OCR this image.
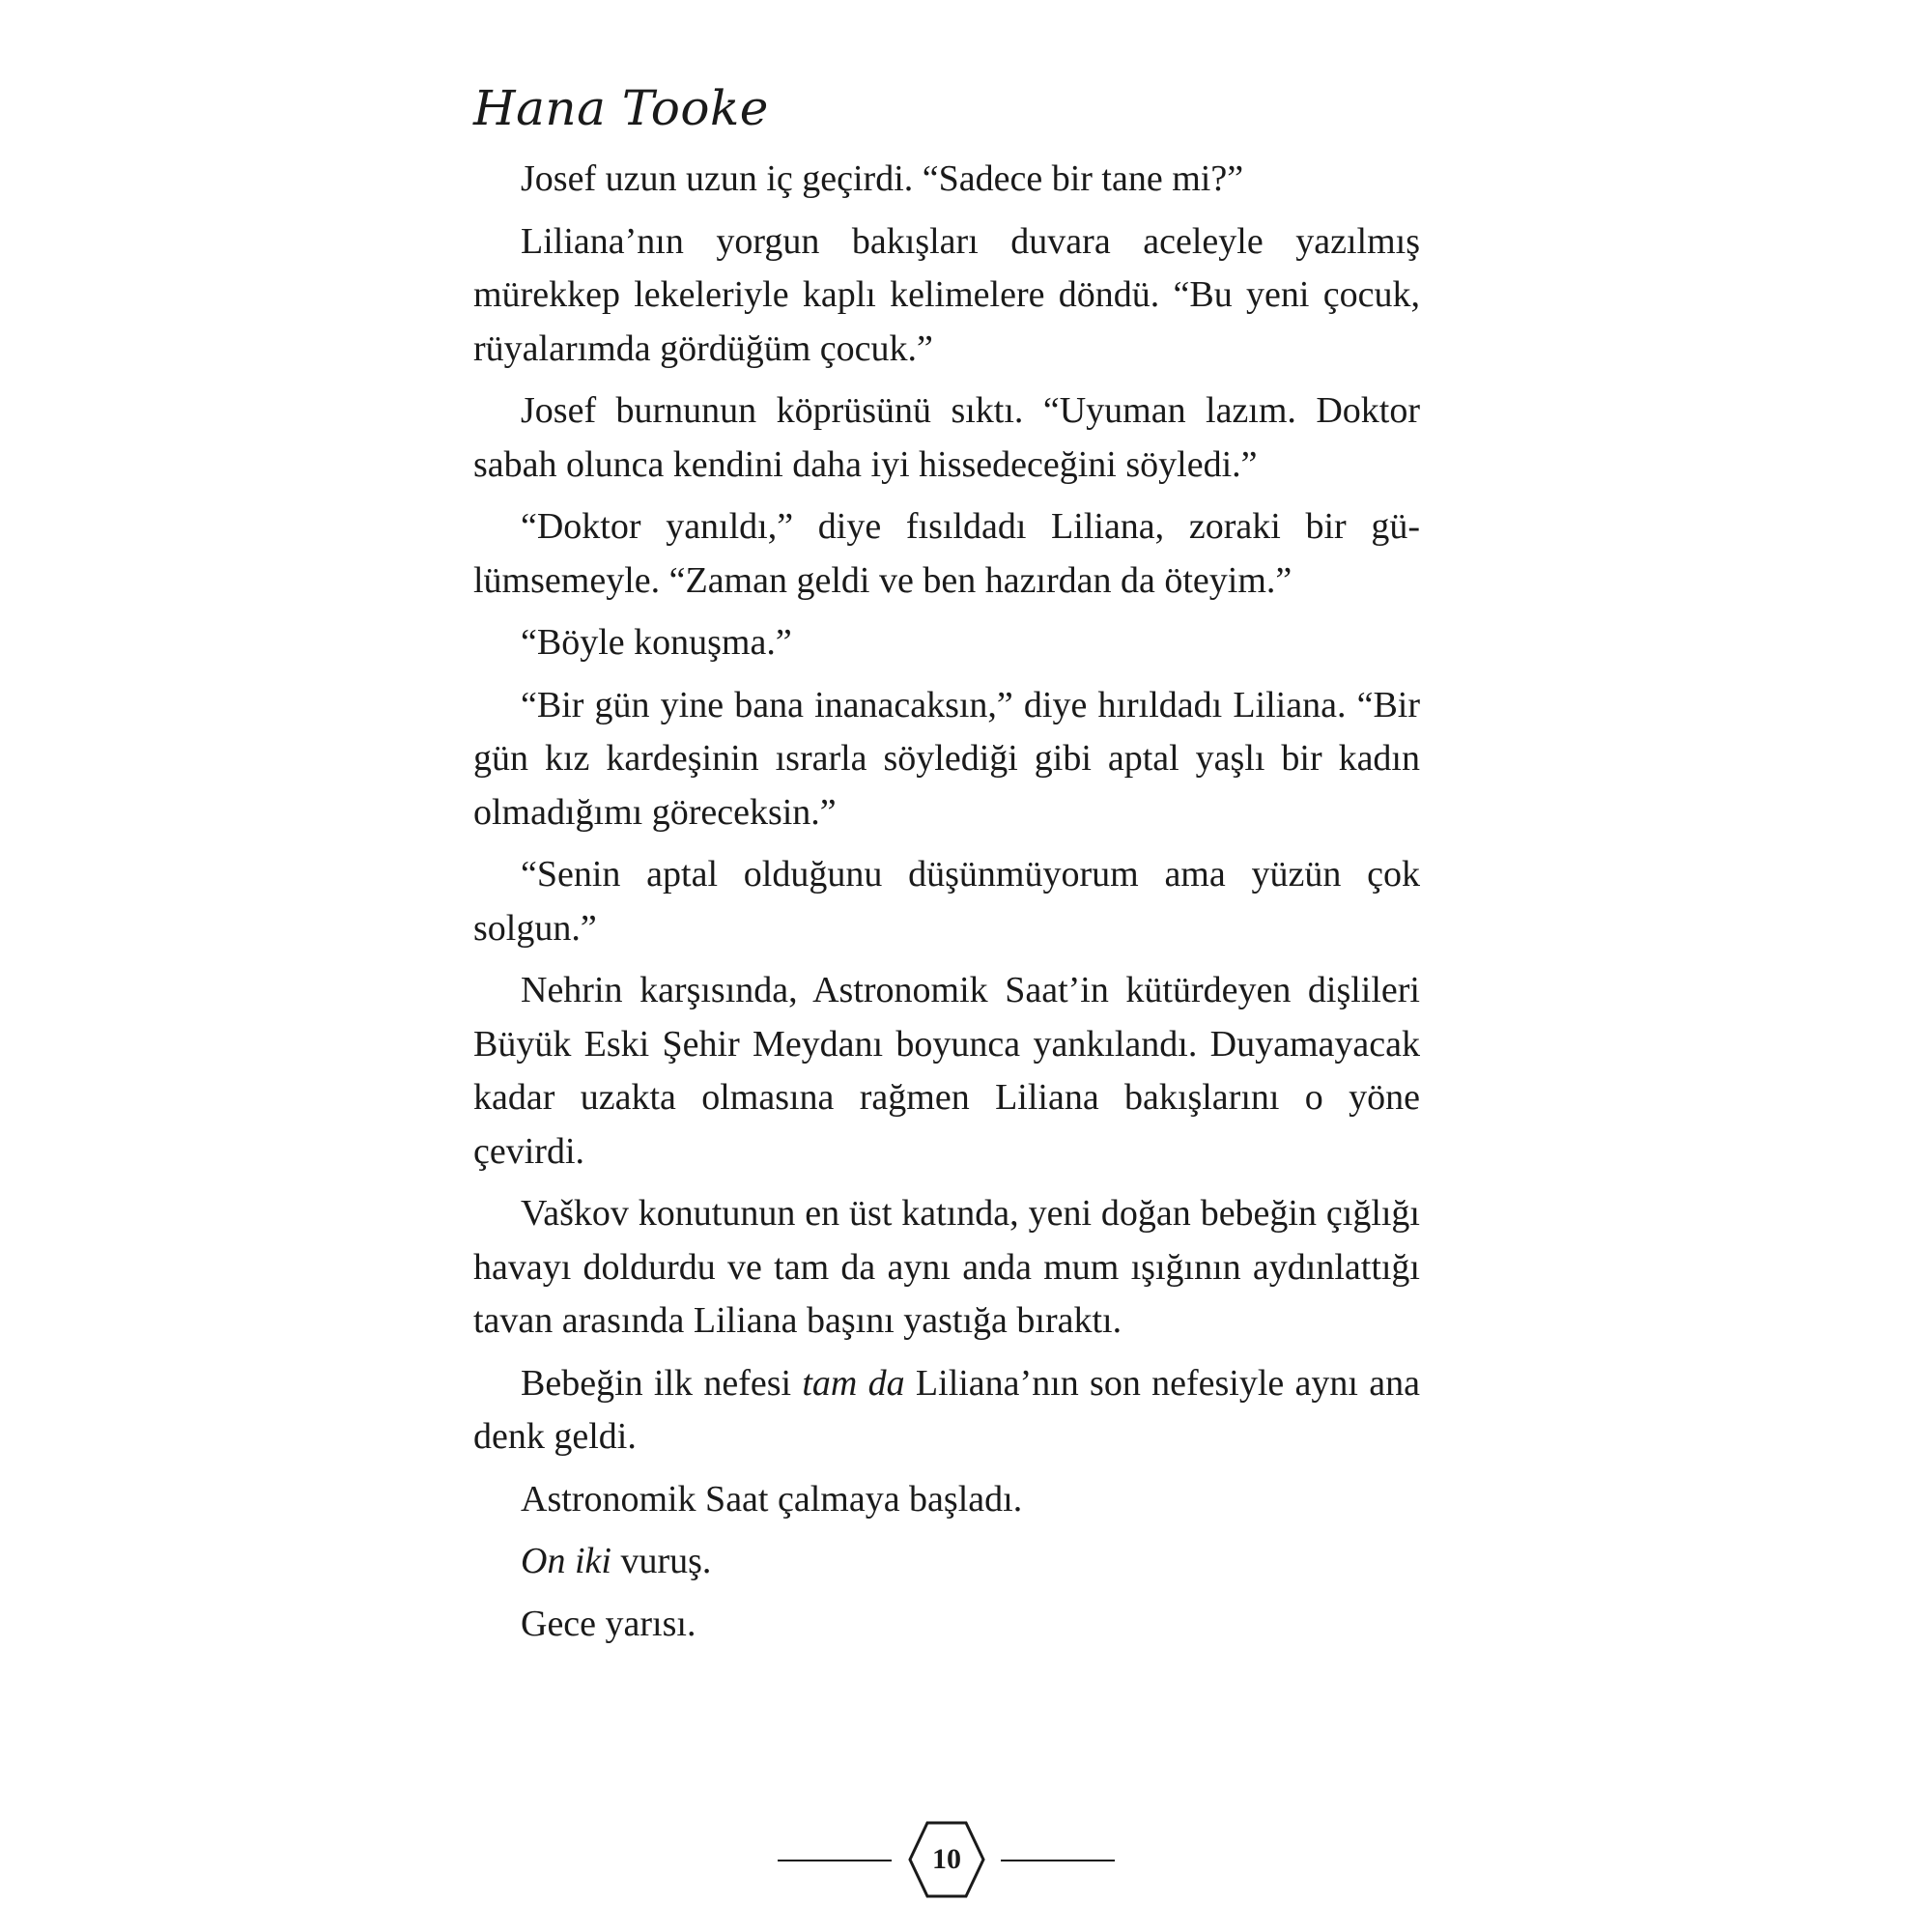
Hana Tooke

Josef uzun uzun iç geçirdi. “Sadece bir tane mi?”

Liliana’nın yorgun bakışları duvara aceleyle yazılmış mürekkep lekeleriyle kaplı kelimelere döndü. “Bu yeni çocuk, rüyalarımda gördüğüm çocuk.”

Josef burnunun köprüsünü sıktı. “Uyuman lazım. Doktor sabah olunca kendini daha iyi hissedeceğini söyledi.”

“Doktor yanıldı,” diye fısıldadı Liliana, zoraki bir gülümsemeyle. “Zaman geldi ve ben hazırdan da öteyim.”

“Böyle konuşma.”

“Bir gün yine bana inanacaksın,” diye hırıldadı Liliana. “Bir gün kız kardeşinin ısrarla söylediği gibi aptal yaşlı bir kadın olmadığımı göreceksin.”

“Senin aptal olduğunu düşünmüyorum ama yüzün çok solgun.”

Nehrin karşısında, Astronomik Saat’in kütürdeyen dişlileri Büyük Eski Şehir Meydanı boyunca yankılandı. Duyamayacak kadar uzakta olmasına rağmen Liliana bakışlarını o yöne çevirdi.

Vaškov konutunun en üst katında, yeni doğan bebeğin çığlığı havayı doldurdu ve tam da aynı anda mum ışığının aydınlattığı tavan arasında Liliana başını yastığa bıraktı.

Bebeğin ilk nefesi tam da Liliana’nın son nefesiyle aynı ana denk geldi.

Astronomik Saat çalmaya başladı.

On iki vuruş.

Gece yarısı.

10
